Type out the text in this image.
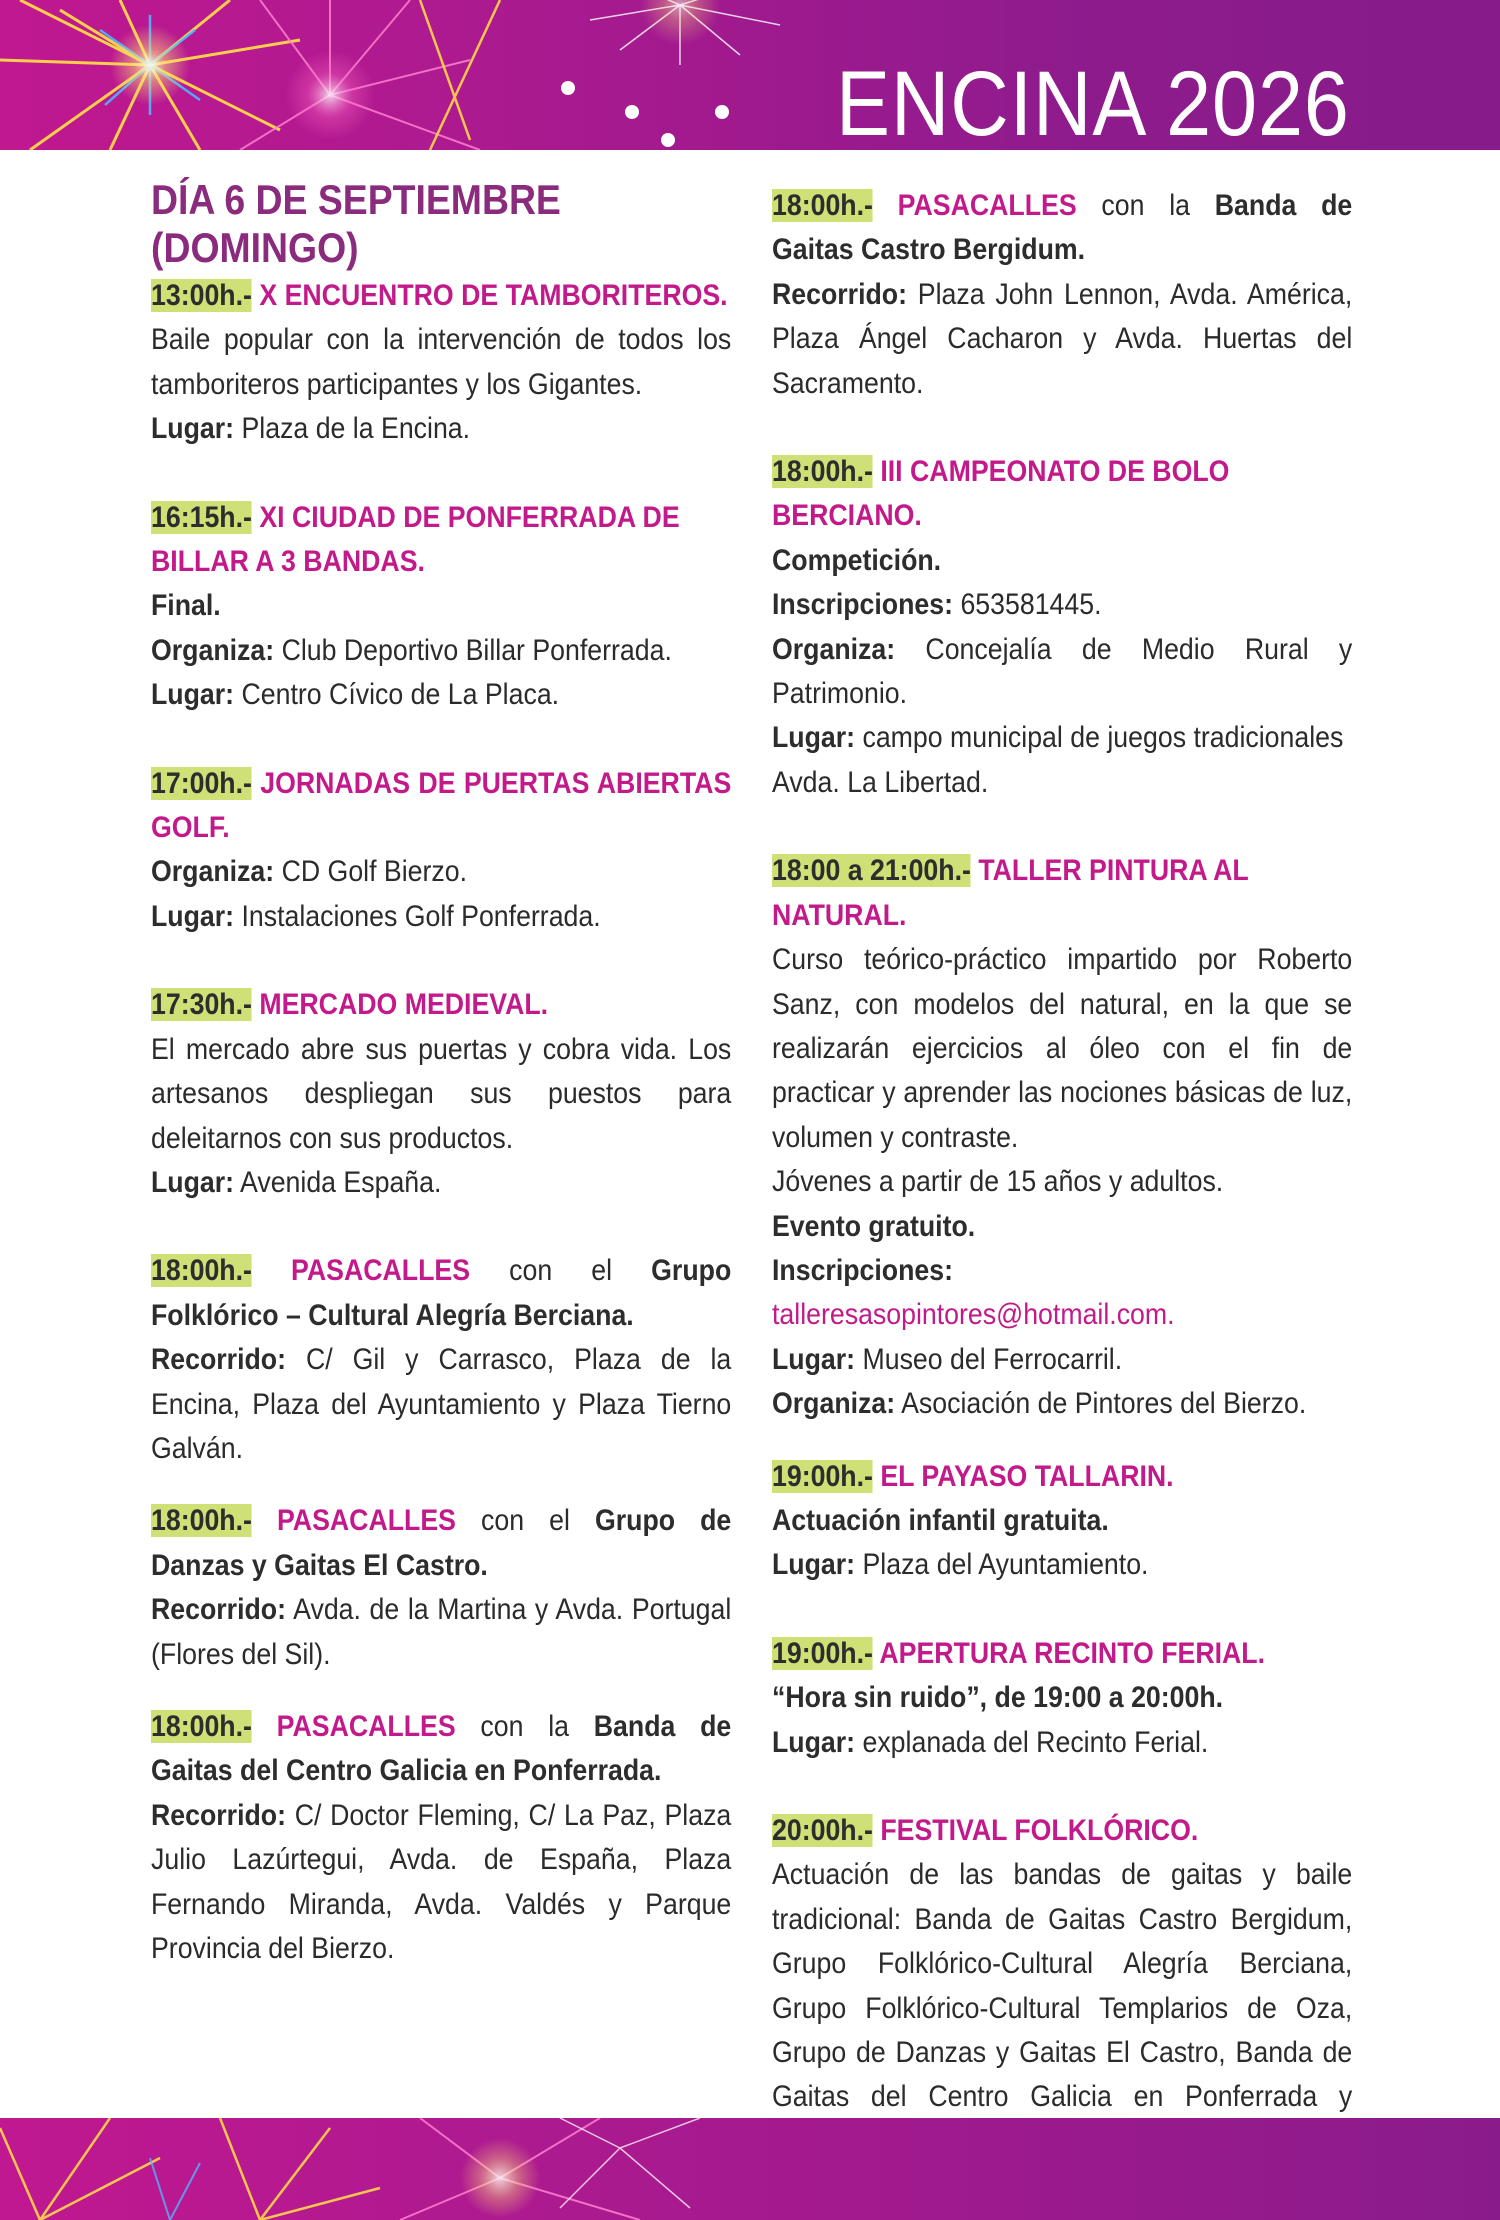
ENCINA 2026
DÍA 6 DE SEPTIEMBRE (DOMINGO)

13:00h.- X ENCUENTRO DE TAMBORITEROS.

Baile popular con la intervención de todos los tamboriteros participantes y los Gigantes.

Lugar: Plaza de la Encina.

16:15h.- XI CIUDAD DE PONFERRADA DE BILLAR A 3 BANDAS.

Final.

Organiza: Club Deportivo Billar Ponferrada.

Lugar: Centro Cívico de La Placa.

17:00h.- JORNADAS DE PUERTAS ABIERTAS GOLF.

Organiza: CD Golf Bierzo.

Lugar: Instalaciones Golf Ponferrada.

17:30h.- MERCADO MEDIEVAL.

El mercado abre sus puertas y cobra vida. Los artesanos despliegan sus puestos para deleitarnos con sus productos.

Lugar: Avenida España.

18:00h.- PASACALLES con el Grupo Folklórico – Cultural Alegría Berciana.

Recorrido: C/ Gil y Carrasco, Plaza de la Encina, Plaza del Ayuntamiento y Plaza Tierno Galván.

18:00h.- PASACALLES con el Grupo de Danzas y Gaitas El Castro.

Recorrido: Avda. de la Martina y Avda. Portugal (Flores del Sil).

18:00h.- PASACALLES con la Banda de Gaitas del Centro Galicia en Ponferrada.

Recorrido: C/ Doctor Fleming, C/ La Paz, Plaza Julio Lazúrtegui, Avda. de España, Plaza Fernando Miranda, Avda. Valdés y Parque Provincia del Bierzo.

18:00h.- PASACALLES con la Banda de Gaitas Castro Bergidum.

Recorrido: Plaza John Lennon, Avda. América, Plaza Ángel Cacharon y Avda. Huertas del Sacramento.

18:00h.- III CAMPEONATO DE BOLO BERCIANO.

Competición.

Inscripciones: 653581445.

Organiza: Concejalía de Medio Rural y Patrimonio.

Lugar: campo municipal de juegos tradicionales Avda. La Libertad.

18:00 a 21:00h.- TALLER PINTURA AL NATURAL.

Curso teórico-práctico impartido por Roberto Sanz, con modelos del natural, en la que se realizarán ejercicios al óleo con el fin de practicar y aprender las nociones básicas de luz, volumen y contraste.

Jóvenes a partir de 15 años y adultos.

Evento gratuito.

Inscripciones: talleresasopintores@hotmail.com.

Lugar: Museo del Ferrocarril.

Organiza: Asociación de Pintores del Bierzo.

19:00h.- EL PAYASO TALLARIN.

Actuación infantil gratuita.

Lugar: Plaza del Ayuntamiento.

19:00h.- APERTURA RECINTO FERIAL.

“Hora sin ruido”, de 19:00 a 20:00h.

Lugar: explanada del Recinto Ferial.

20:00h.- FESTIVAL FOLKLÓRICO.

Actuación de las bandas de gaitas y baile tradicional: Banda de Gaitas Castro Bergidum, Grupo Folklórico-Cultural Alegría Berciana, Grupo Folklórico-Cultural Templarios de Oza, Grupo de Danzas y Gaitas El Castro, Banda de Gaitas del Centro Galicia en Ponferrada y
